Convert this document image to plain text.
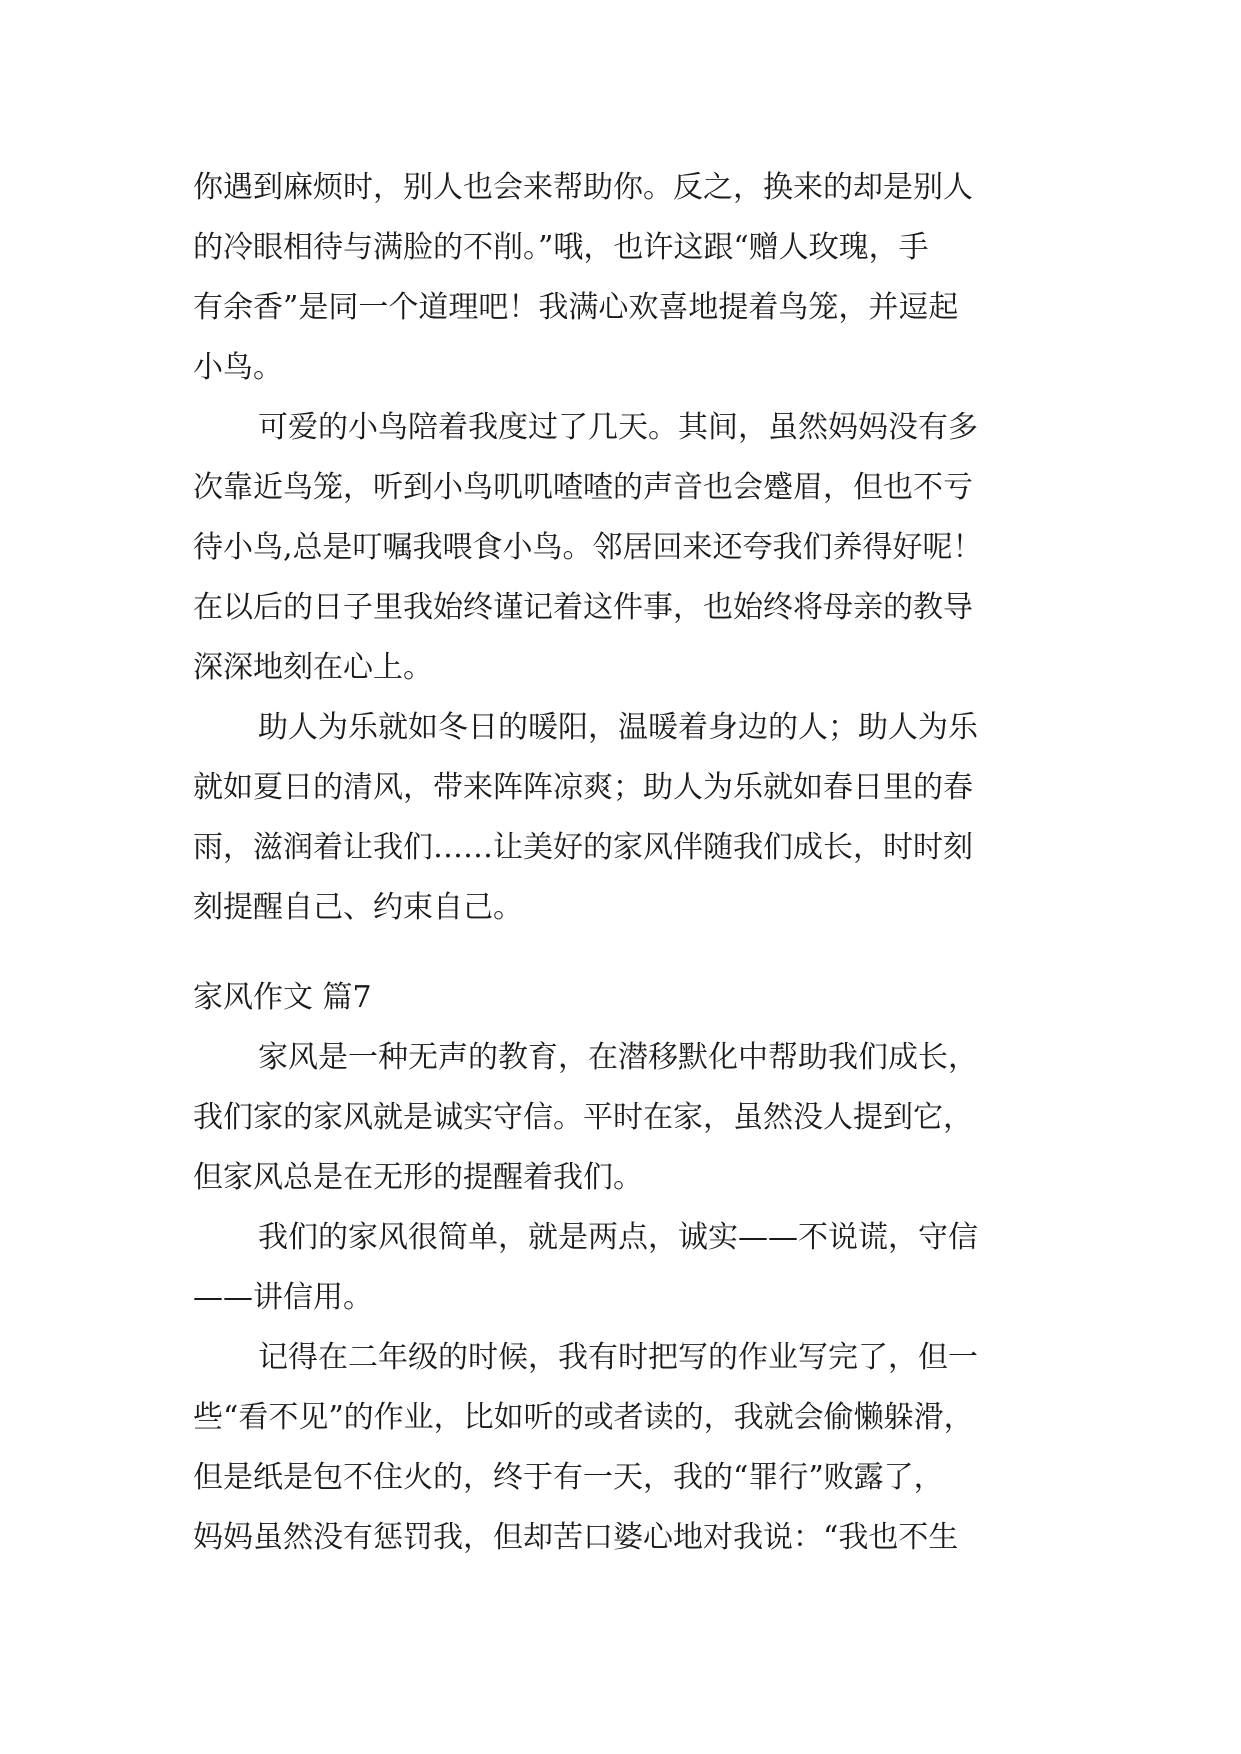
你遇到麻烦时，别人也会来帮助你。反之，换来的却是别人
的冷眼相待与满脸的不削。”哦，也许这跟“赠人玫瑰，手
有余香”是同一个道理吧！我满心欢喜地提着鸟笼，并逗起
小鸟。
可爱的小鸟陪着我度过了几天。其间，虽然妈妈没有多
次靠近鸟笼，听到小鸟叽叽喳喳的声音也会蹙眉，但也不亏
待小鸟,总是叮嘱我喂食小鸟。邻居回来还夸我们养得好呢！
在以后的日子里我始终谨记着这件事，也始终将母亲的教导
深深地刻在心上。
助人为乐就如冬日的暖阳，温暖着身边的人；助人为乐
就如夏日的清风，带来阵阵凉爽；助人为乐就如春日里的春
雨，滋润着让我们……让美好的家风伴随我们成长，时时刻
刻提醒自己、约束自己。
家风作文 篇7
家风是一种无声的教育，在潜移默化中帮助我们成长，
我们家的家风就是诚实守信。平时在家，虽然没人提到它，
但家风总是在无形的提醒着我们。
我们的家风很简单，就是两点，诚实——不说谎，守信
——讲信用。
记得在二年级的时候，我有时把写的作业写完了，但一
些“看不见”的作业，比如听的或者读的，我就会偷懒躲滑，
但是纸是包不住火的，终于有一天，我的“罪行”败露了，
妈妈虽然没有惩罚我，但却苦口婆心地对我说：“我也不生
